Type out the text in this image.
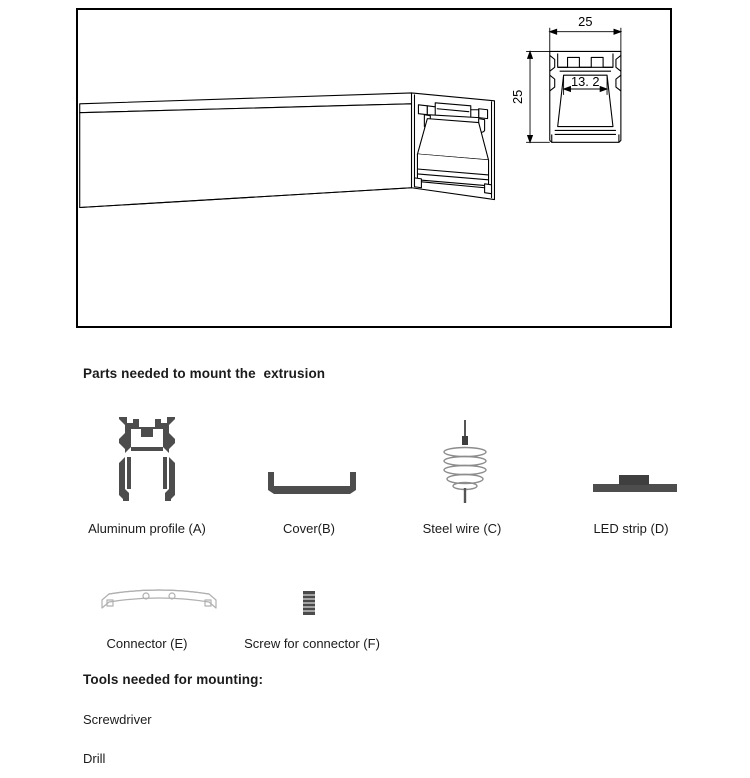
25
25
13. 2
Parts needed to mount the  extrusion
Aluminum profile (A)	Cover(B)	Steel wire (C)	LED strip (D)
Connector (E)	Screw for connector (F)
Tools needed for mounting:
Screwdriver
Drill
